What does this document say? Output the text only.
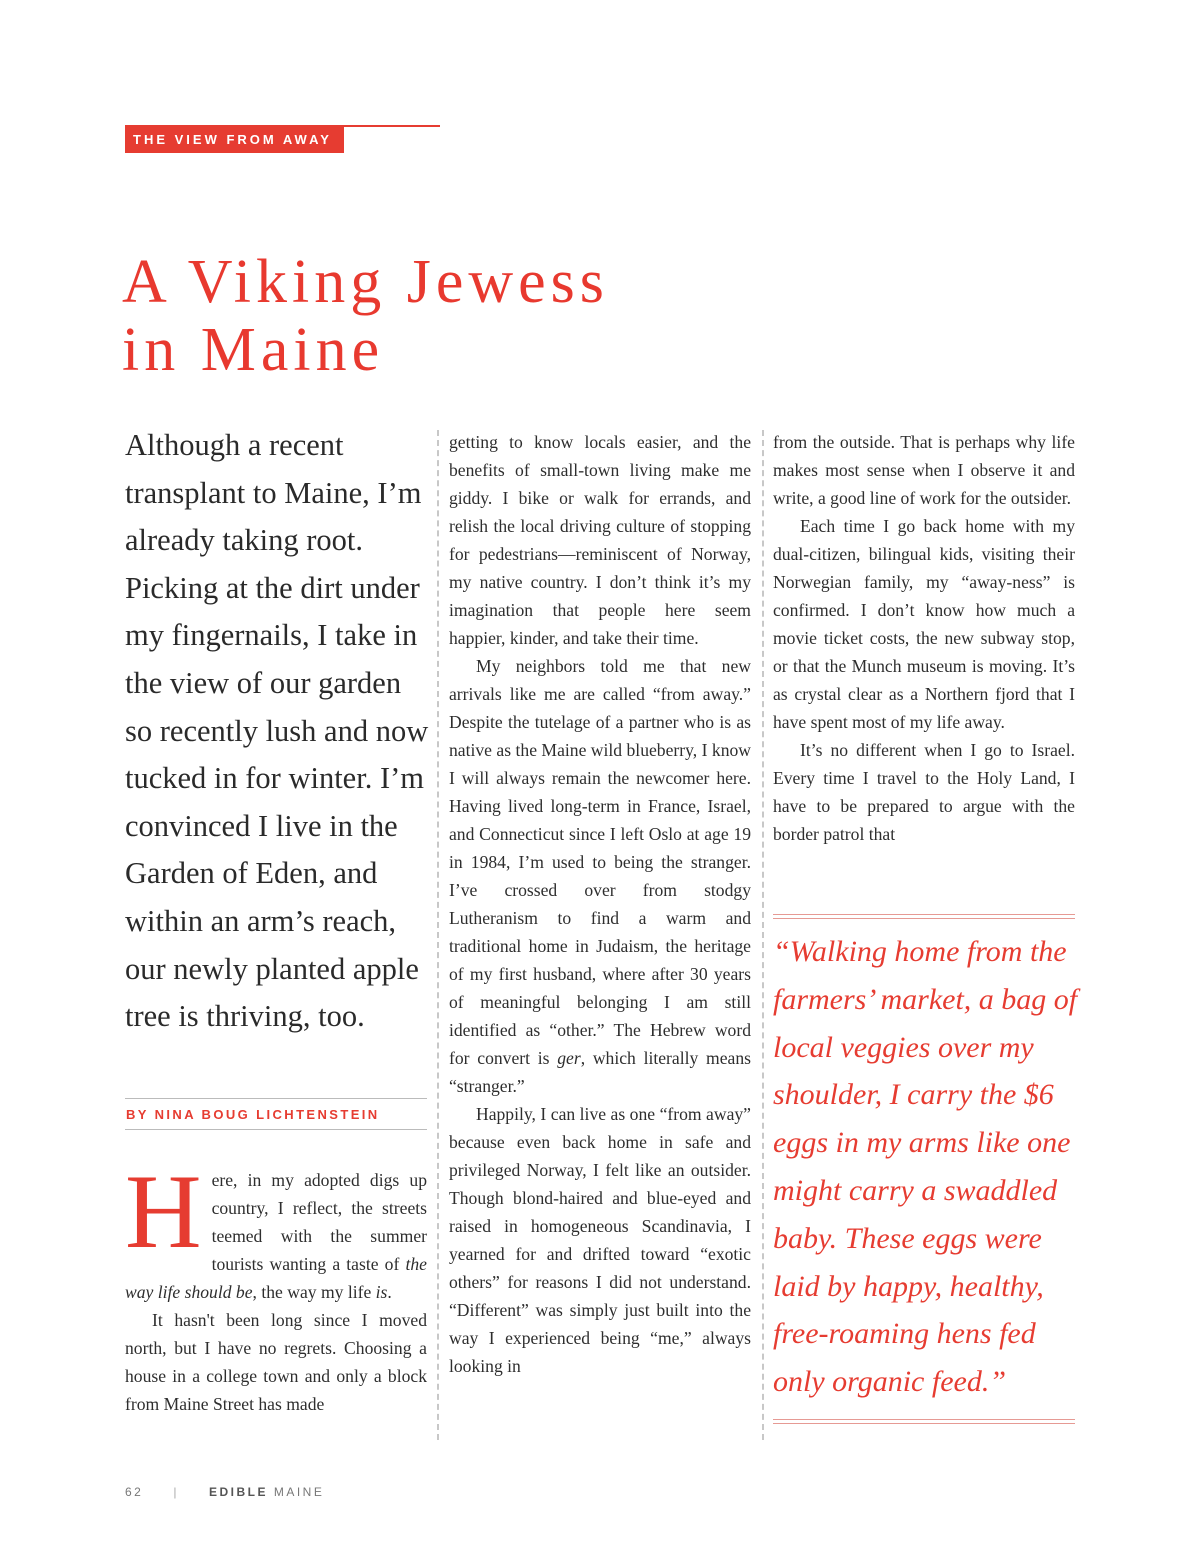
THE VIEW FROM AWAY
A Viking Jewess
in Maine

Although a recent transplant to Maine, I’m already taking root. Picking at the dirt under my fingernails, I take in the view of our garden so recently lush and now tucked in for winter. I’m convinced I live in the Garden of Eden, and within an arm’s reach, our newly planted apple tree is thriving, too.

BY NINA BOUG LICHTENSTEIN

Here, in my adopted digs up country, I reflect, the streets teemed with the summer tourists wanting a taste of the way life should be, the way my life is.

It hasn't been long since I moved north, but I have no regrets. Choosing a house in a college town and only a block from Maine Street has made

getting to know locals easier, and the benefits of small-town living make me giddy. I bike or walk for errands, and relish the local driving culture of stopping for pedestrians—reminiscent of Norway, my native country. I don’t think it’s my imagination that people here seem happier, kinder, and take their time.

My neighbors told me that new arrivals like me are called “from away.” Despite the tutelage of a partner who is as native as the Maine wild blueberry, I know I will always remain the newcomer here. Having lived long-term in France, Israel, and Connecticut since I left Oslo at age 19 in 1984, I’m used to being the stranger. I’ve crossed over from stodgy Lutheranism to find a warm and traditional home in Judaism, the heritage of my first husband, where after 30 years of meaningful belonging I am still identified as “other.” The Hebrew word for convert is ger, which literally means “stranger.”

Happily, I can live as one “from away” because even back home in safe and privileged Norway, I felt like an outsider. Though blond-haired and blue-eyed and raised in homogeneous Scandinavia, I yearned for and drifted toward “exotic others” for reasons I did not understand. “Different” was simply just built into the way I experienced being “me,” always looking in

from the outside. That is perhaps why life makes most sense when I observe it and write, a good line of work for the outsider.

Each time I go back home with my dual-citizen, bilingual kids, visiting their Norwegian family, my “away-ness” is confirmed. I don’t know how much a movie ticket costs, the new subway stop, or that the Munch museum is moving. It’s as crystal clear as a Northern fjord that I have spent most of my life away.

It’s no different when I go to Israel. Every time I travel to the Holy Land, I have to be prepared to argue with the border patrol that

“Walking home from the farmers’ market, a bag of local veggies over my shoulder, I carry the $6 eggs in my arms like one might carry a swaddled baby. These eggs were laid by happy, healthy, free-roaming hens fed only organic feed.”

62	|	EDIBLE MAINE
